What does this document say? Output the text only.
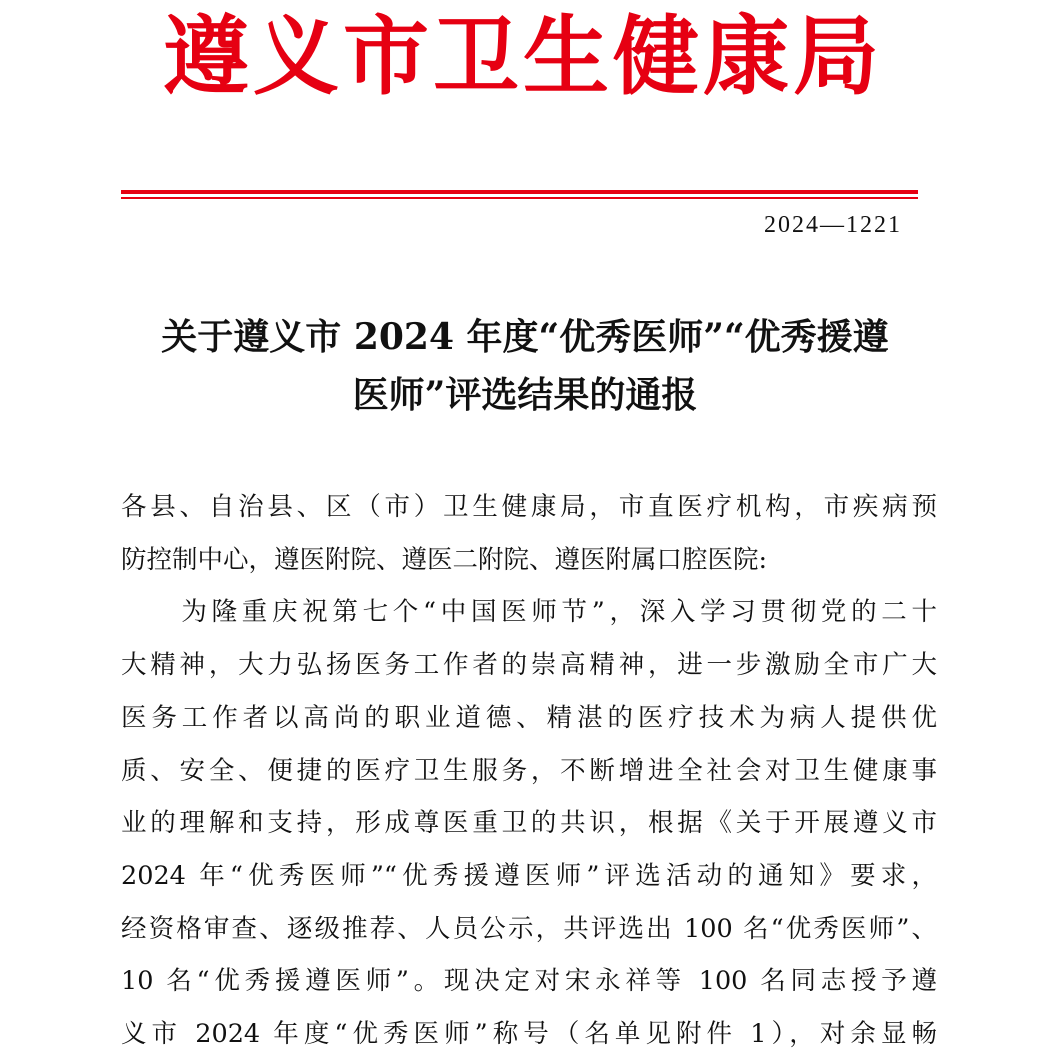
遵义市卫生健康局
2024—1221
关于遵义市 2024 年度“优秀医师”“优秀援遵
医师”评选结果的通报
各县、自治县、区（市）卫生健康局，市直医疗机构，市疾病预
防控制中心，遵医附院、遵医二附院、遵医附属口腔医院:
　　为隆重庆祝第七个“中国医师节”，深入学习贯彻党的二十
大精神，大力弘扬医务工作者的崇高精神，进一步激励全市广大
医务工作者以高尚的职业道德、精湛的医疗技术为病人提供优
质、安全、便捷的医疗卫生服务，不断增进全社会对卫生健康事
业的理解和支持，形成尊医重卫的共识，根据《关于开展遵义市
2024 年“优秀医师”“优秀援遵医师”评选活动的通知》要求，
经资格审查、逐级推荐、人员公示，共评选出 100 名“优秀医师”、
10 名“优秀援遵医师”。现决定对宋永祥等 100 名同志授予遵
义市 2024 年度“优秀医师”称号（名单见附件 1），对余显畅
